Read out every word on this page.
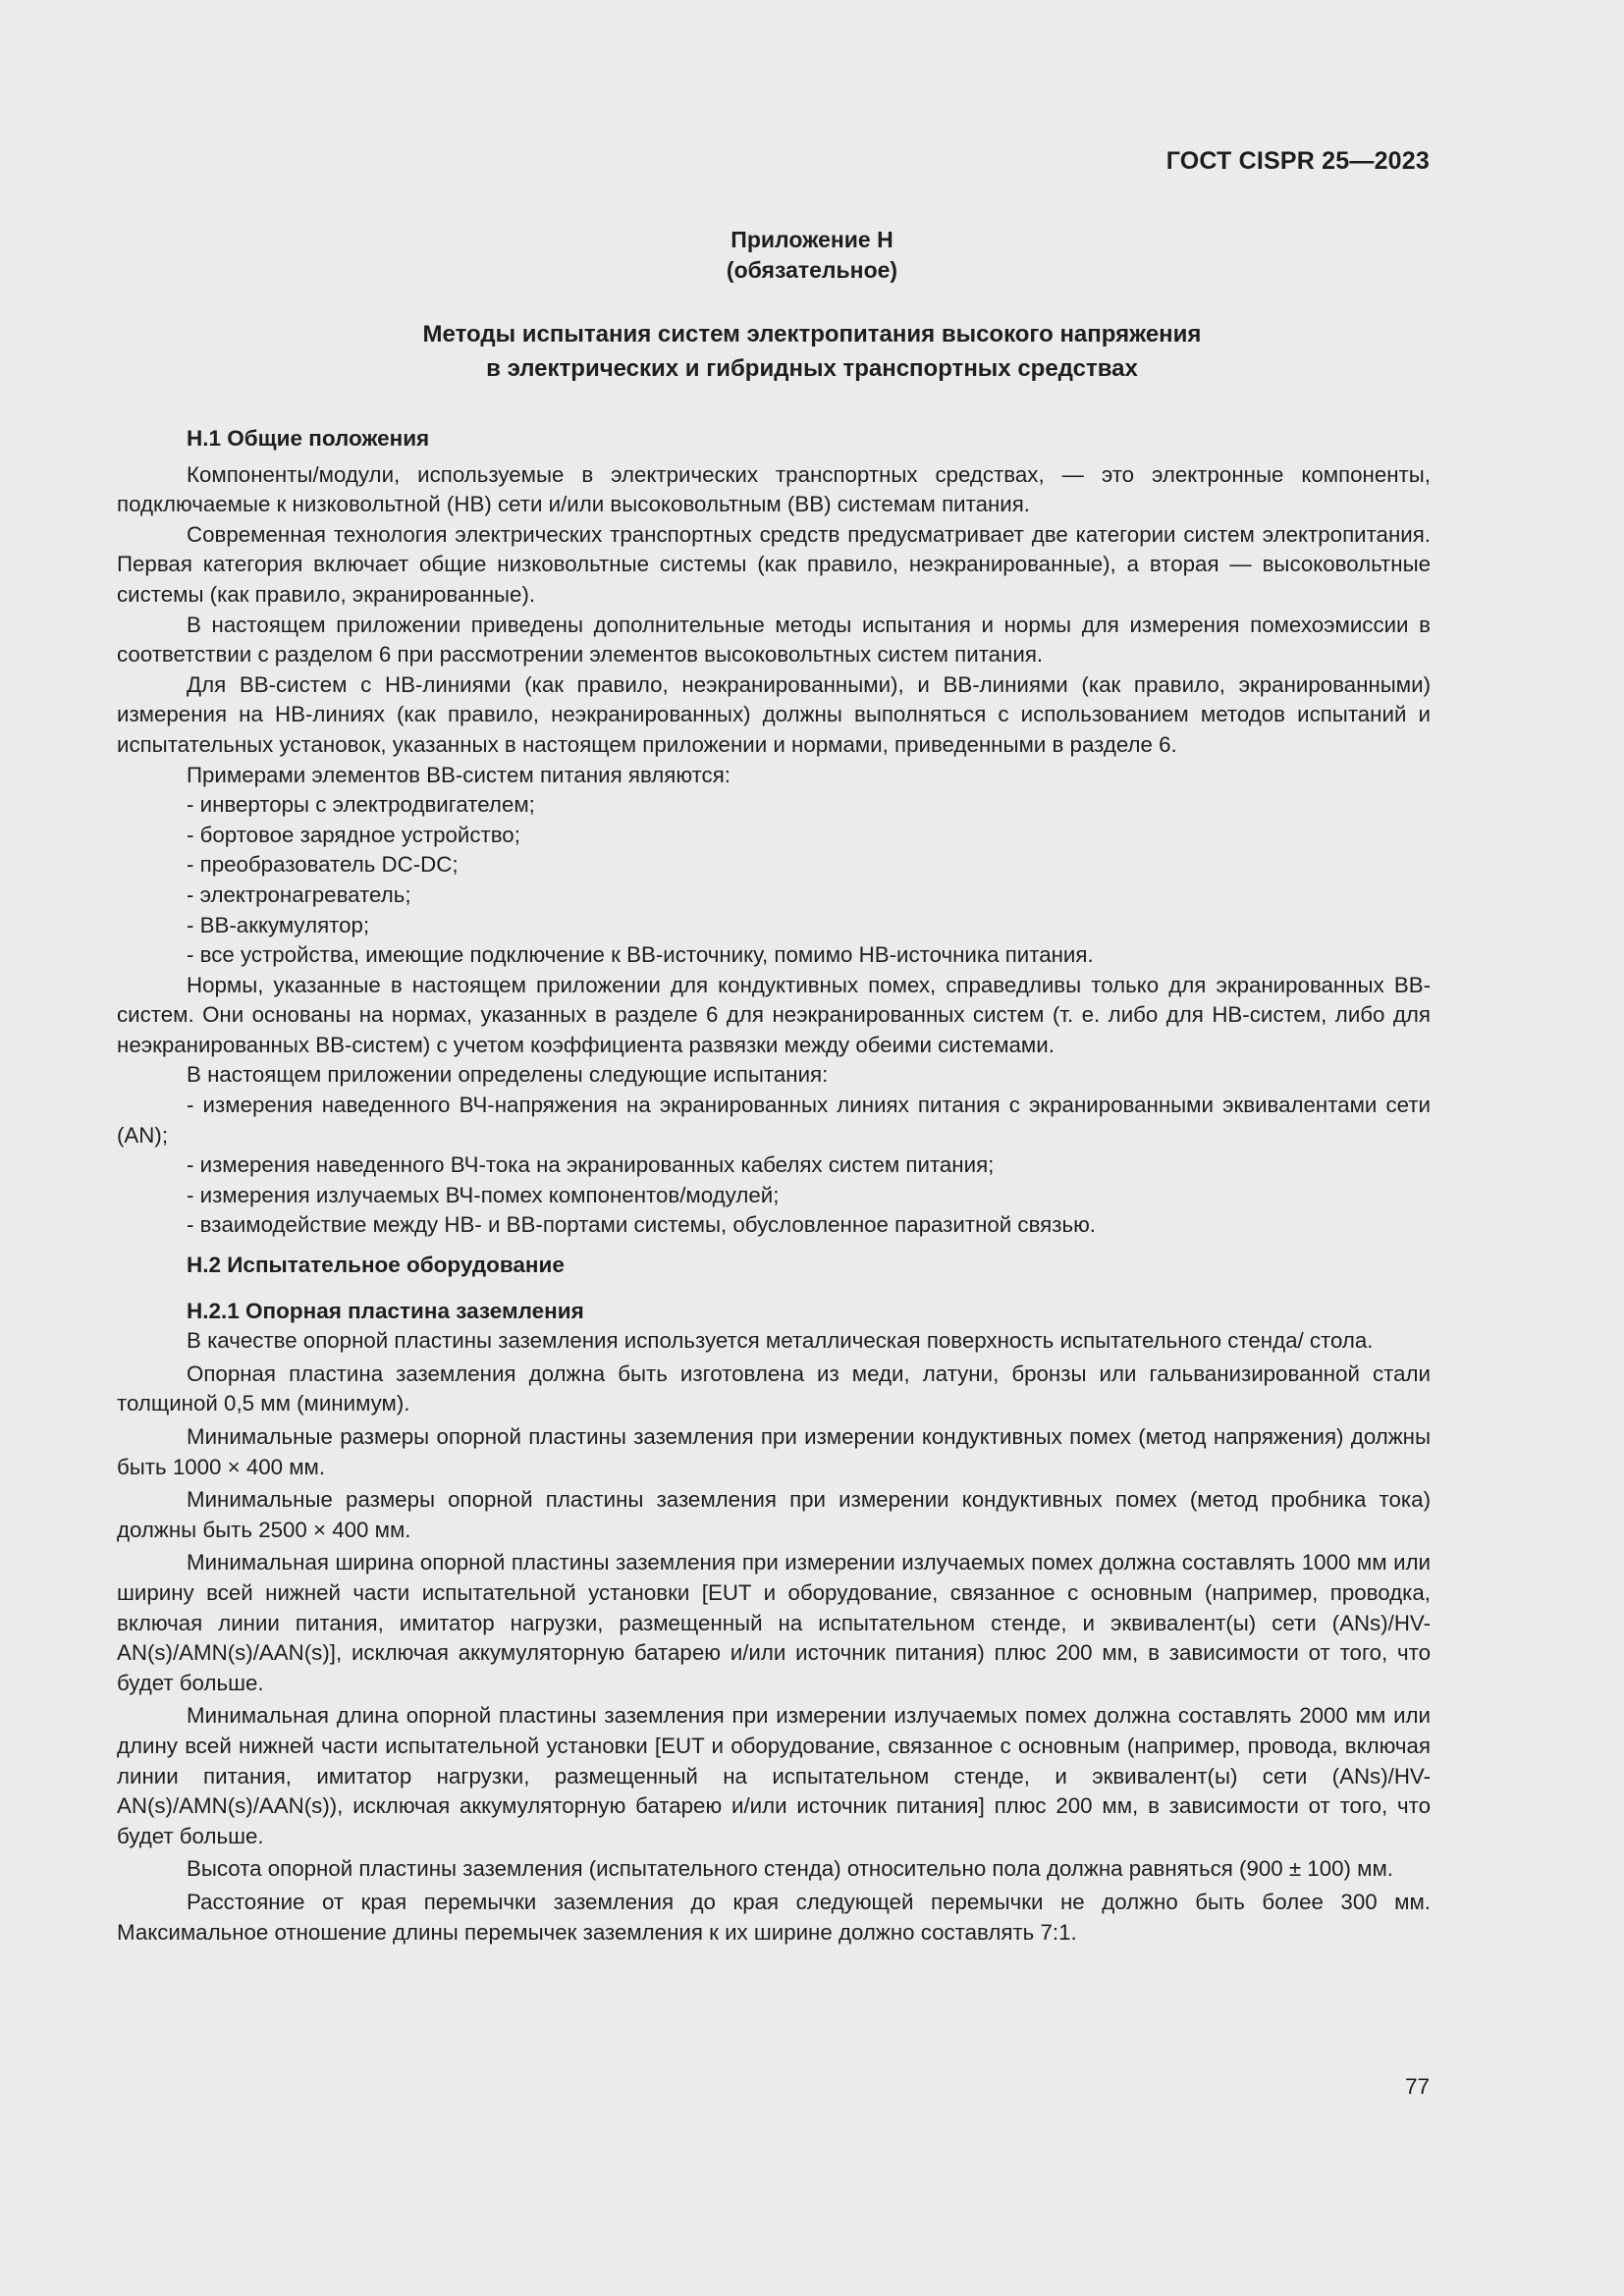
ГОСТ CISPR 25—2023
Приложение Н
(обязательное)
Методы испытания систем электропитания высокого напряжения
в электрических и гибридных транспортных средствах
Н.1 Общие положения

Компоненты/модули, используемые в электрических транспортных средствах, — это электронные компоненты, подключаемые к низковольтной (НВ) сети и/или высоковольтным (ВВ) системам питания.

Современная технология электрических транспортных средств предусматривает две категории систем электропитания. Первая категория включает общие низковольтные системы (как правило, неэкранированные), а вторая — высоковольтные системы (как правило, экранированные).

В настоящем приложении приведены дополнительные методы испытания и нормы для измерения помехоэмиссии в соответствии с разделом 6 при рассмотрении элементов высоковольтных систем питания.

Для ВВ-систем с НВ-линиями (как правило, неэкранированными), и ВВ-линиями (как правило, экранированными) измерения на НВ-линиях (как правило, неэкранированных) должны выполняться с использованием методов испытаний и испытательных установок, указанных в настоящем приложении и нормами, приведенными в разделе 6.

Примерами элементов ВВ-систем питания являются:

- инверторы с электродвигателем;

- бортовое зарядное устройство;

- преобразователь DC-DC;

- электронагреватель;

- ВВ-аккумулятор;

- все устройства, имеющие подключение к ВВ-источнику, помимо НВ-источника питания.

Нормы, указанные в настоящем приложении для кондуктивных помех, справедливы только для экранированных ВВ-систем. Они основаны на нормах, указанных в разделе 6 для неэкранированных систем (т. е. либо для НВ-систем, либо для неэкранированных ВВ-систем) с учетом коэффициента развязки между обеими системами.

В настоящем приложении определены следующие испытания:

- измерения наведенного ВЧ-напряжения на экранированных линиях питания с экранированными эквивалентами сети (AN);

- измерения наведенного ВЧ-тока на экранированных кабелях систем питания;

- измерения излучаемых ВЧ-помех компонентов/модулей;

- взаимодействие между НВ- и ВВ-портами системы, обусловленное паразитной связью.

Н.2 Испытательное оборудование
Н.2.1 Опорная пластина заземления

В качестве опорной пластины заземления используется металлическая поверхность испытательного стенда/ стола.

Опорная пластина заземления должна быть изготовлена из меди, латуни, бронзы или гальванизированной стали толщиной 0,5 мм (минимум).

Минимальные размеры опорной пластины заземления при измерении кондуктивных помех (метод напряжения) должны быть 1000 × 400 мм.

Минимальные размеры опорной пластины заземления при измерении кондуктивных помех (метод пробника тока) должны быть 2500 × 400 мм.

Минимальная ширина опорной пластины заземления при измерении излучаемых помех должна составлять 1000 мм или ширину всей нижней части испытательной установки [EUT и оборудование, связанное с основным (например, проводка, включая линии питания, имитатор нагрузки, размещенный на испытательном стенде, и эквивалент(ы) сети (ANs)/HV-AN(s)/AMN(s)/AAN(s)], исключая аккумуляторную батарею и/или источник питания) плюс 200 мм, в зависимости от того, что будет больше.

Минимальная длина опорной пластины заземления при измерении излучаемых помех должна составлять 2000 мм или длину всей нижней части испытательной установки [EUT и оборудование, связанное с основным (например, провода, включая линии питания, имитатор нагрузки, размещенный на испытательном стенде, и эквивалент(ы) сети (ANs)/HV-AN(s)/AMN(s)/AAN(s)), исключая аккумуляторную батарею и/или источник питания] плюс 200 мм, в зависимости от того, что будет больше.

Высота опорной пластины заземления (испытательного стенда) относительно пола должна равняться (900 ± 100) мм.

Расстояние от края перемычки заземления до края следующей перемычки не должно быть более 300 мм. Максимальное отношение длины перемычек заземления к их ширине должно составлять 7:1.

77
